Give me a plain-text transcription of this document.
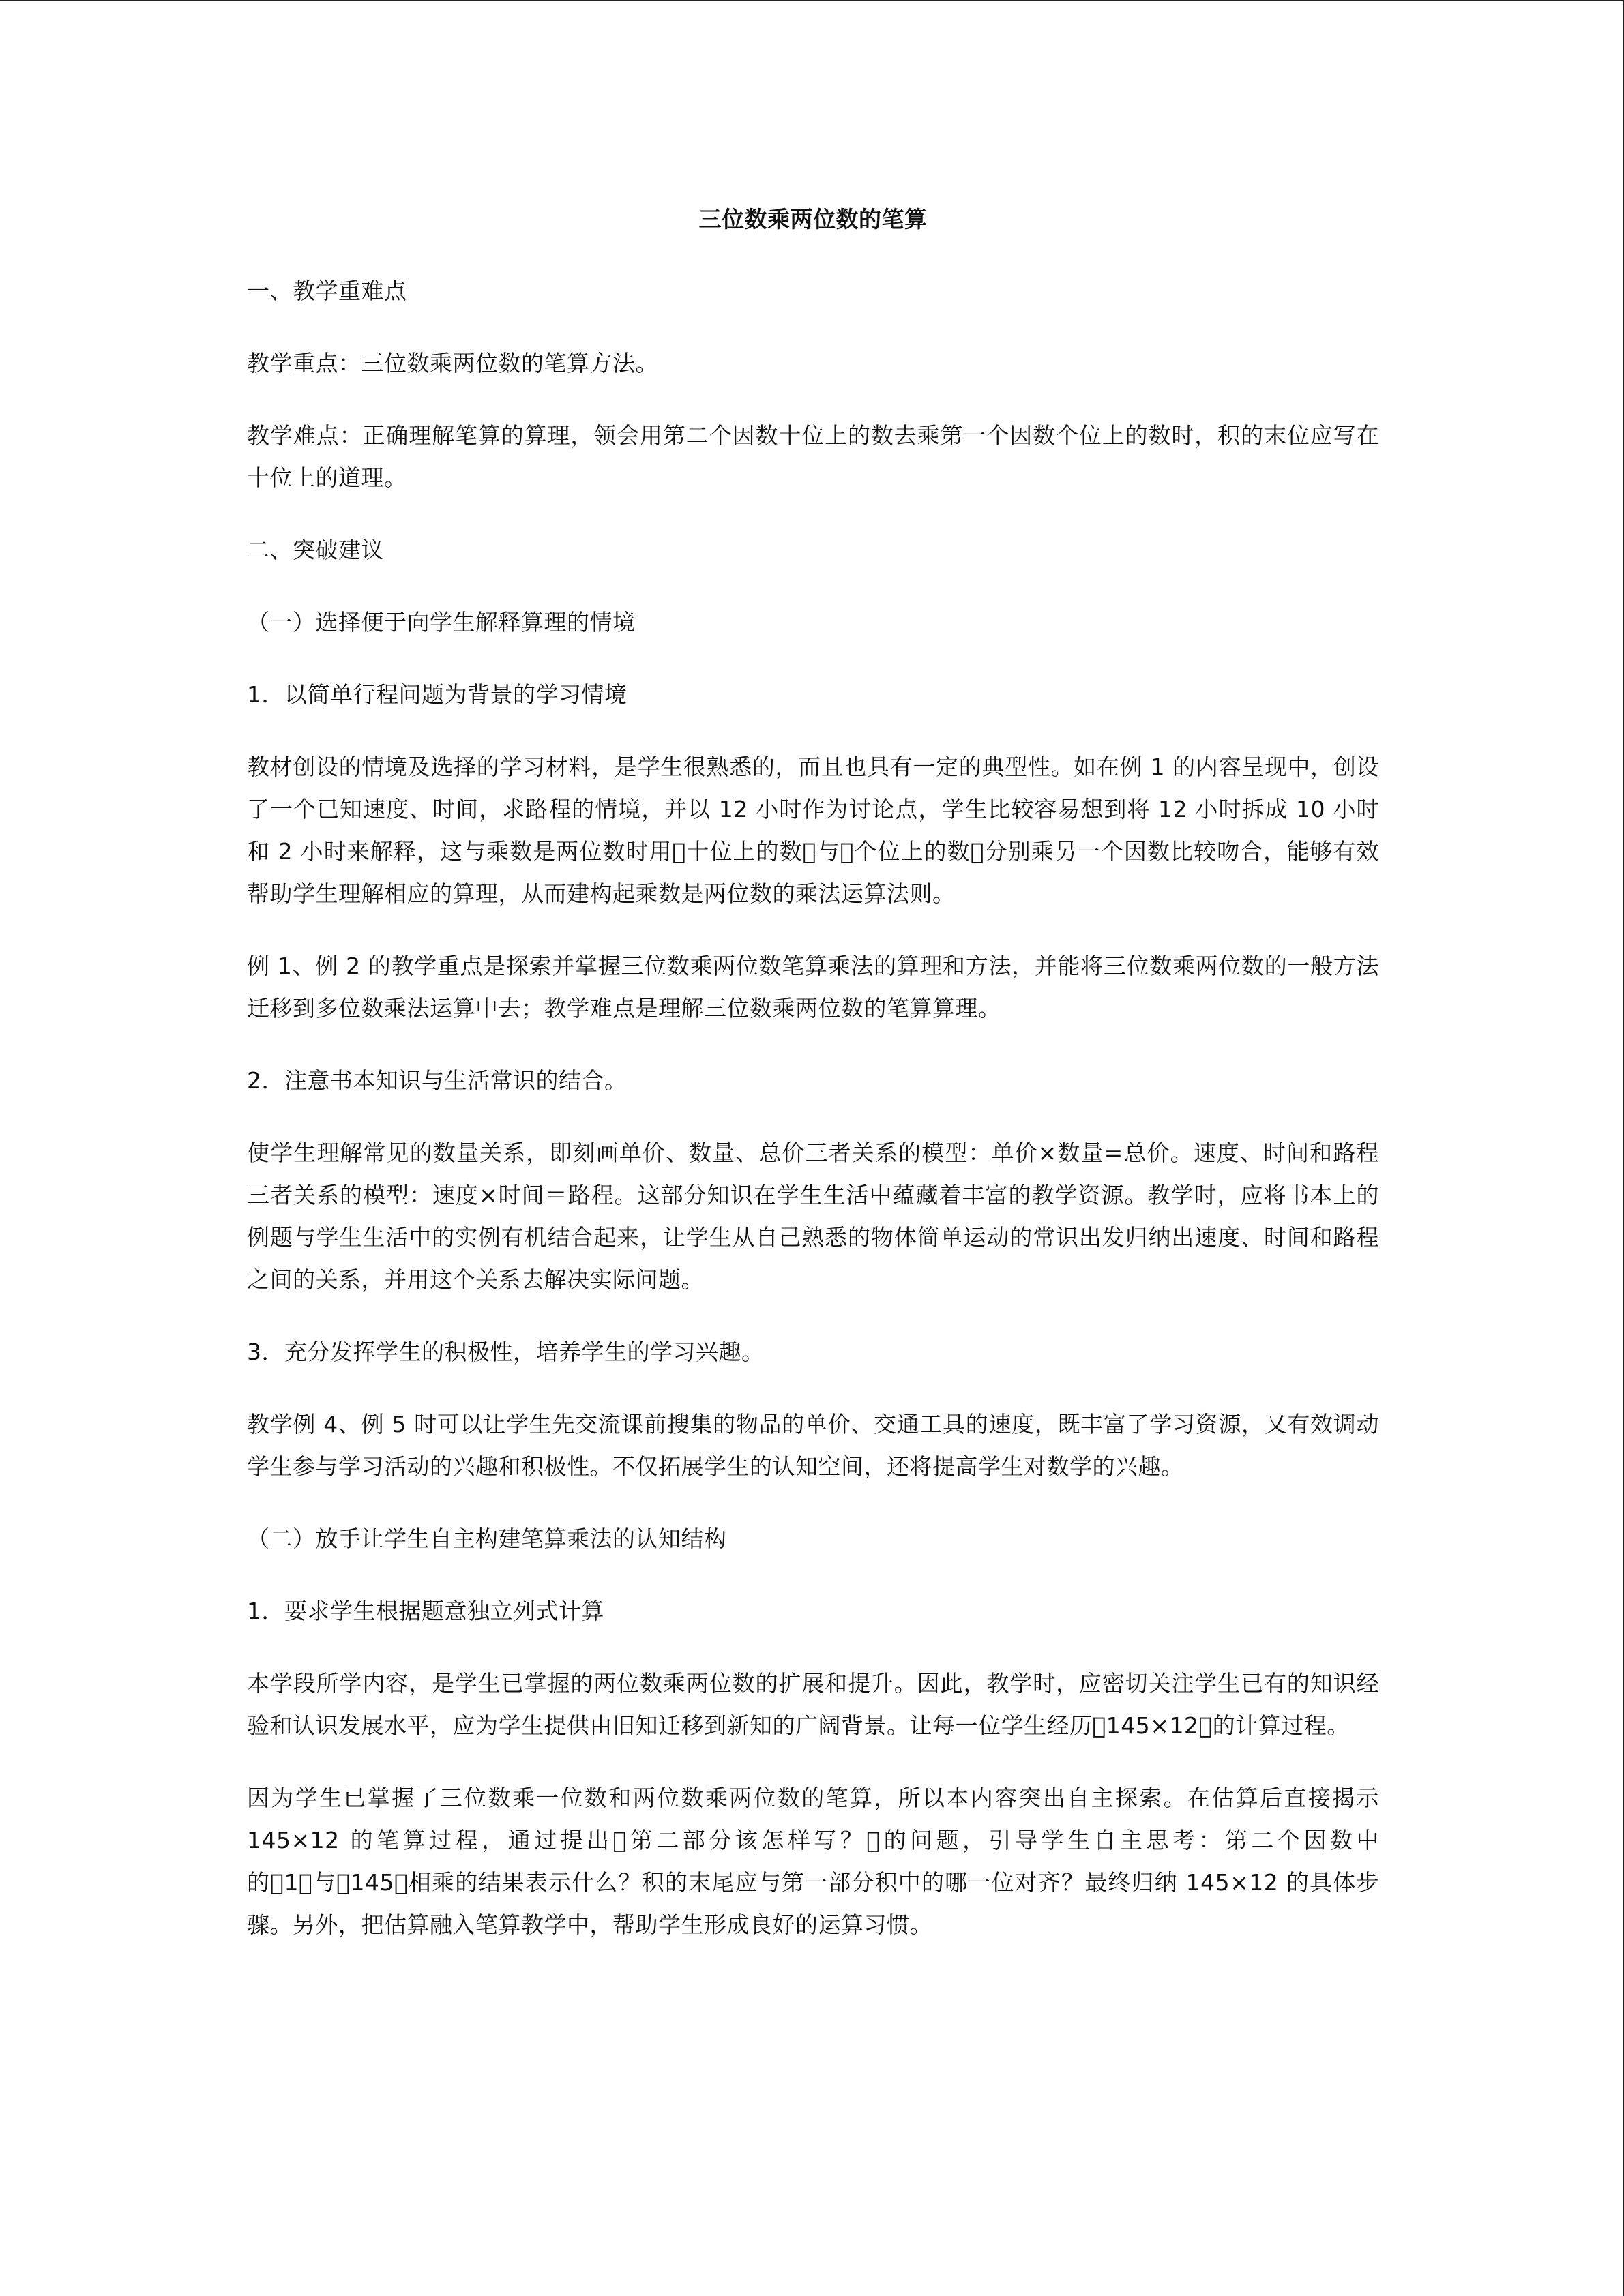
三位数乘两位数的笔算
一、教学重难点
教学重点：三位数乘两位数的笔算方法。
教学难点：正确理解笔算的算理，领会用第二个因数十位上的数去乘第一个因数个位上的数时，积的末位应写在十位上的道理。
二、突破建议
（一）选择便于向学生解释算理的情境
1．以简单行程问题为背景的学习情境
教材创设的情境及选择的学习材料，是学生很熟悉的，而且也具有一定的典型性。如在例 1 的内容呈现中，创设了一个已知速度、时间，求路程的情境，并以 12 小时作为讨论点，学生比较容易想到将 12 小时拆成 10 小时和 2 小时来解释，这与乘数是两位数时用 十位上的数 与 个位上的数 分别乘另一个因数比较吻合，能够有效帮助学生理解相应的算理，从而建构起乘数是两位数的乘法运算法则。
例 1、例 2 的教学重点是探索并掌握三位数乘两位数笔算乘法的算理和方法，并能将三位数乘两位数的一般方法迁移到多位数乘法运算中去；教学难点是理解三位数乘两位数的笔算算理。
2．注意书本知识与生活常识的结合。
使学生理解常见的数量关系，即刻画单价、数量、总价三者关系的模型：单价×数量=总价。速度、时间和路程三者关系的模型：速度×时间＝路程。这部分知识在学生生活中蕴藏着丰富的教学资源。教学时，应将书本上的例题与学生生活中的实例有机结合起来，让学生从自己熟悉的物体简单运动的常识出发归纳出速度、时间和路程之间的关系，并用这个关系去解决实际问题。
3．充分发挥学生的积极性，培养学生的学习兴趣。
教学例 4、例 5 时可以让学生先交流课前搜集的物品的单价、交通工具的速度，既丰富了学习资源，又有效调动学生参与学习活动的兴趣和积极性。不仅拓展学生的认知空间，还将提高学生对数学的兴趣。
（二）放手让学生自主构建笔算乘法的认知结构
1．要求学生根据题意独立列式计算
本学段所学内容，是学生已掌握的两位数乘两位数的扩展和提升。因此，教学时，应密切关注学生已有的知识经验和认识发展水平，应为学生提供由旧知迁移到新知的广阔背景。让每一位学生经历 145×12 的计算过程。
因为学生已掌握了三位数乘一位数和两位数乘两位数的笔算，所以本内容突出自主探索。在估算后直接揭示 145×12 的笔算过程，通过提出 第二部分该怎样写？ 的问题，引导学生自主思考：第二个因数中的 1 与 145 相乘的结果表示什么？积的末尾应与第一部分积中的哪一位对齐？最终归纳 145×12 的具体步骤。另外，把估算融入笔算教学中，帮助学生形成良好的运算习惯。
